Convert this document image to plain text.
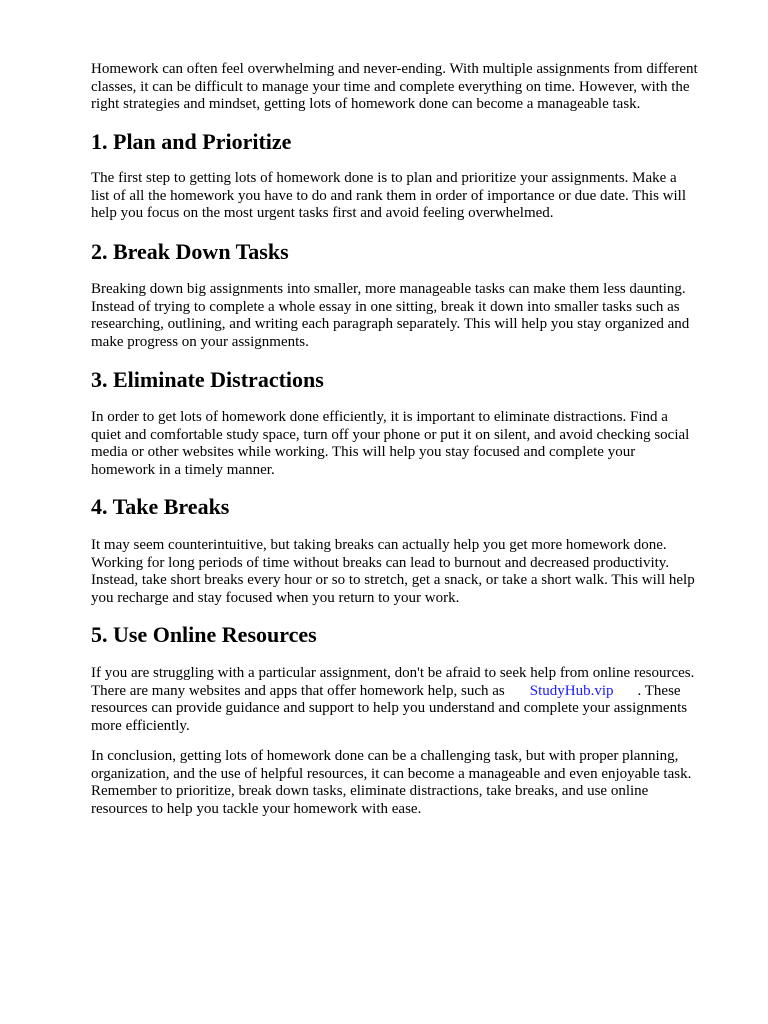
Homework can often feel overwhelming and never-ending. With multiple assignments from different
classes, it can be difficult to manage your time and complete everything on time. However, with the
right strategies and mindset, getting lots of homework done can become a manageable task.

1. Plan and Prioritize

The first step to getting lots of homework done is to plan and prioritize your assignments. Make a
list of all the homework you have to do and rank them in order of importance or due date. This will
help you focus on the most urgent tasks first and avoid feeling overwhelmed.

2. Break Down Tasks

Breaking down big assignments into smaller, more manageable tasks can make them less daunting.
Instead of trying to complete a whole essay in one sitting, break it down into smaller tasks such as
researching, outlining, and writing each paragraph separately. This will help you stay organized and
make progress on your assignments.

3. Eliminate Distractions

In order to get lots of homework done efficiently, it is important to eliminate distractions. Find a
quiet and comfortable study space, turn off your phone or put it on silent, and avoid checking social
media or other websites while working. This will help you stay focused and complete your
homework in a timely manner.

4. Take Breaks

It may seem counterintuitive, but taking breaks can actually help you get more homework done.
Working for long periods of time without breaks can lead to burnout and decreased productivity.
Instead, take short breaks every hour or so to stretch, get a snack, or take a short walk. This will help
you recharge and stay focused when you return to your work.

5. Use Online Resources

If you are struggling with a particular assignment, don't be afraid to seek help from online resources.
There are many websites and apps that offer homework help, such as StudyHub.vip . These
resources can provide guidance and support to help you understand and complete your assignments
more efficiently.

In conclusion, getting lots of homework done can be a challenging task, but with proper planning,
organization, and the use of helpful resources, it can become a manageable and even enjoyable task.
Remember to prioritize, break down tasks, eliminate distractions, take breaks, and use online
resources to help you tackle your homework with ease.
